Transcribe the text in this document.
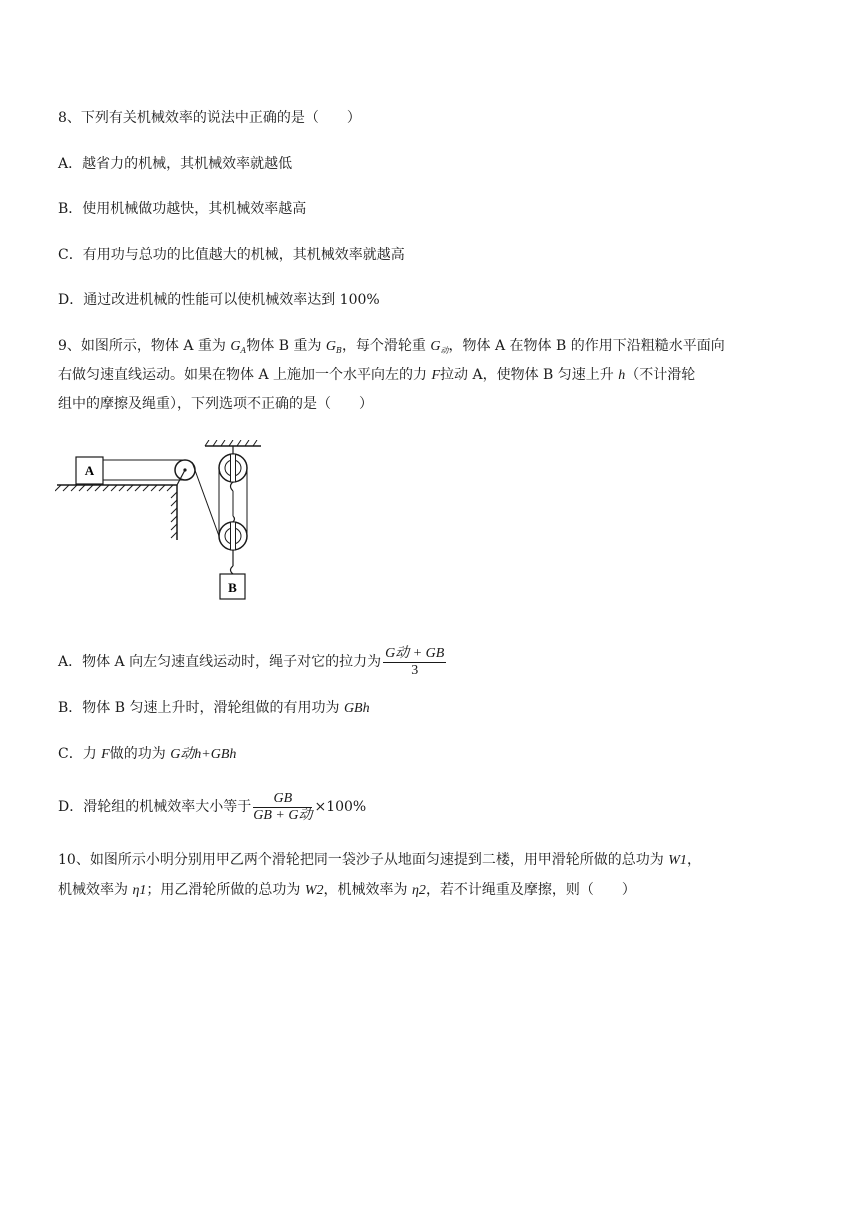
8、下列有关机械效率的说法中正确的是（　　）
A．越省力的机械，其机械效率就越低
B．使用机械做功越快，其机械效率越高
C．有用功与总功的比值越大的机械，其机械效率就越高
D．通过改进机械的性能可以使机械效率达到 100%
9、如图所示，物体 A 重为 $G_A$物体 B 重为 $G_B$，每个滑轮重 $G_动$，物体 A 在物体 B 的作用下沿粗糙水平面向
右做匀速直线运动。如果在物体 A 上施加一个水平向左的力 F拉动 A，使物体 B 匀速上升 h（不计滑轮
组中的摩擦及绳重），下列选项不正确的是（　　）
A
B
A．物体 A 向左匀速直线运动时，绳子对它的拉力为 $\frac{\text{G动 + GB}}{3}$
B．物体 B 匀速上升时，滑轮组做的有用功为 GBh
C．力 F做的功为 G动h+GBh
D．滑轮组的机械效率大小等于 $\frac{GB}{\text{GB + G动}} \times 100\%$
10、如图所示小明分别用甲乙两个滑轮把同一袋沙子从地面匀速提到二楼，用甲滑轮所做的总功为 W1，
机械效率为 η1；用乙滑轮所做的总功为 W2，机械效率为 η2，若不计绳重及摩擦，则（　　）
